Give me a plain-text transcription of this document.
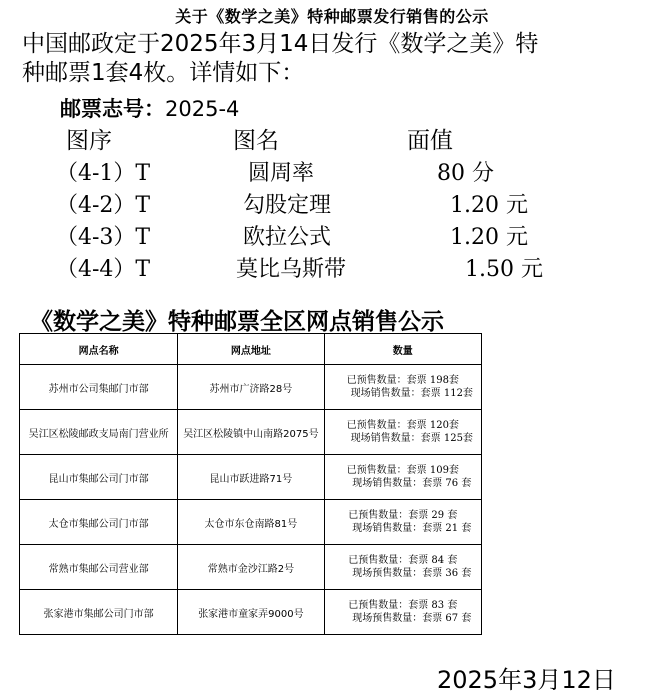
关于《数学之美》特种邮票发行销售的公示
中国邮政定于2025年3月14日发行《数学之美》特
种邮票1套4枚。详情如下：
邮票志号：2025-4
图序	图名	面值
（4-1）T	圆周率	80 分
（4-2）T	勾股定理	1.20 元
（4-3）T	欧拉公式	1.20 元
（4-4）T	莫比乌斯带	1.50 元
《数学之美》特种邮票全区网点销售公示
网点名称	网点地址	数量
苏州市公司集邮门市部	苏州市广济路28号	已预售数量：套票 198套
现场销售数量：套票 112套

吴江区松陵邮政支局南门营业所	吴江区松陵镇中山南路2075号	已预售数量：套票 120套
现场销售数量：套票 125套

昆山市集邮公司门市部	昆山市跃进路71号	已预售数量：套票 109套
现场销售数量：套票 76 套

太仓市集邮公司门市部	太仓市东仓南路81号	已预售数量：套票 29 套
现场销售数量：套票 21 套

常熟市集邮公司营业部	常熟市金沙江路2号	已预售数量：套票 84 套
现场预售数量：套票 36 套

张家港市集邮公司门市部	张家港市童家弄9000号	已预售数量：套票 83 套
现场预售数量：套票 67 套
2025年3月12日
